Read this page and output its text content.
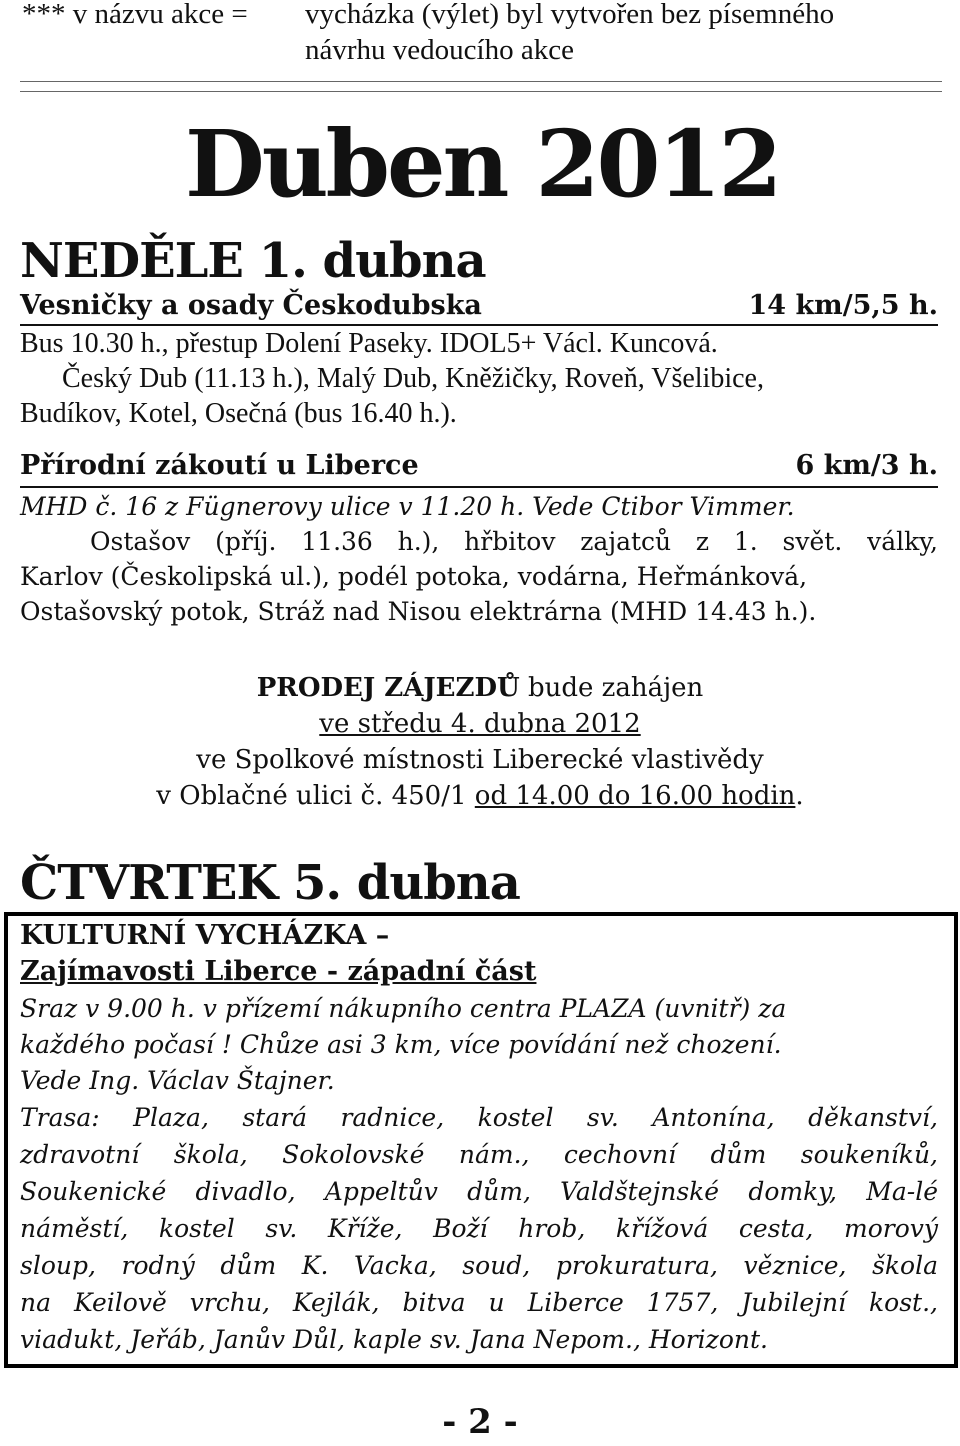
*** v názvu akce = vycházka (výlet) byl vytvořen bez písemného
návrhu vedoucího akce
Duben 2012
NEDĚLE 1. dubna
Vesničky a osady Českodubska	14 km/5,5 h.
Bus 10.30 h., přestup Dolení Paseky. IDOL5+ Václ. Kuncová.
Český Dub (11.13 h.), Malý Dub, Kněžičky, Roveň, Všelibice,
Budíkov, Kotel, Osečná (bus 16.40 h.).
Přírodní zákoutí u Liberce	6 km/3 h.
MHD č. 16 z Fügnerovy ulice v 11.20 h. Vede Ctibor Vimmer.
Ostašov (příj. 11.36 h.), hřbitov zajatců z 1. svět. války,
Karlov (Českolipská ul.), podél potoka, vodárna, Heřmánková,
Ostašovský potok, Stráž nad Nisou elektrárna (MHD 14.43 h.).
PRODEJ ZÁJEZDŮ bude zahájen
ve středu 4. dubna 2012
ve Spolkové místnosti Liberecké vlastivědy
v Oblačné ulici č. 450/1 od 14.00 do 16.00 hodin.
ČTVRTEK 5. dubna
KULTURNÍ VYCHÁZKA –
Zajímavosti Liberce - západní část
Sraz v 9.00 h. v přízemí nákupního centra PLAZA (uvnitř) za
každého počasí ! Chůze asi 3 km, více povídání než chození.
Vede Ing. Václav Štajner.
Trasa: Plaza, stará radnice, kostel sv. Antonína, děkanství,
zdravotní škola, Sokolovské nám., cechovní dům soukeníků,
Soukenické divadlo, Appeltův dům, Valdštejnské domky, Ma-lé
náměstí, kostel sv. Kříže, Boží hrob, křížová cesta, morový
sloup, rodný dům K. Vacka, soud, prokuratura, věznice, škola
na Keilově vrchu, Kejlák, bitva u Liberce 1757, Jubilejní kost.,
viadukt, Jeřáb, Janův Důl, kaple sv. Jana Nepom., Horizont.
- 2 -
